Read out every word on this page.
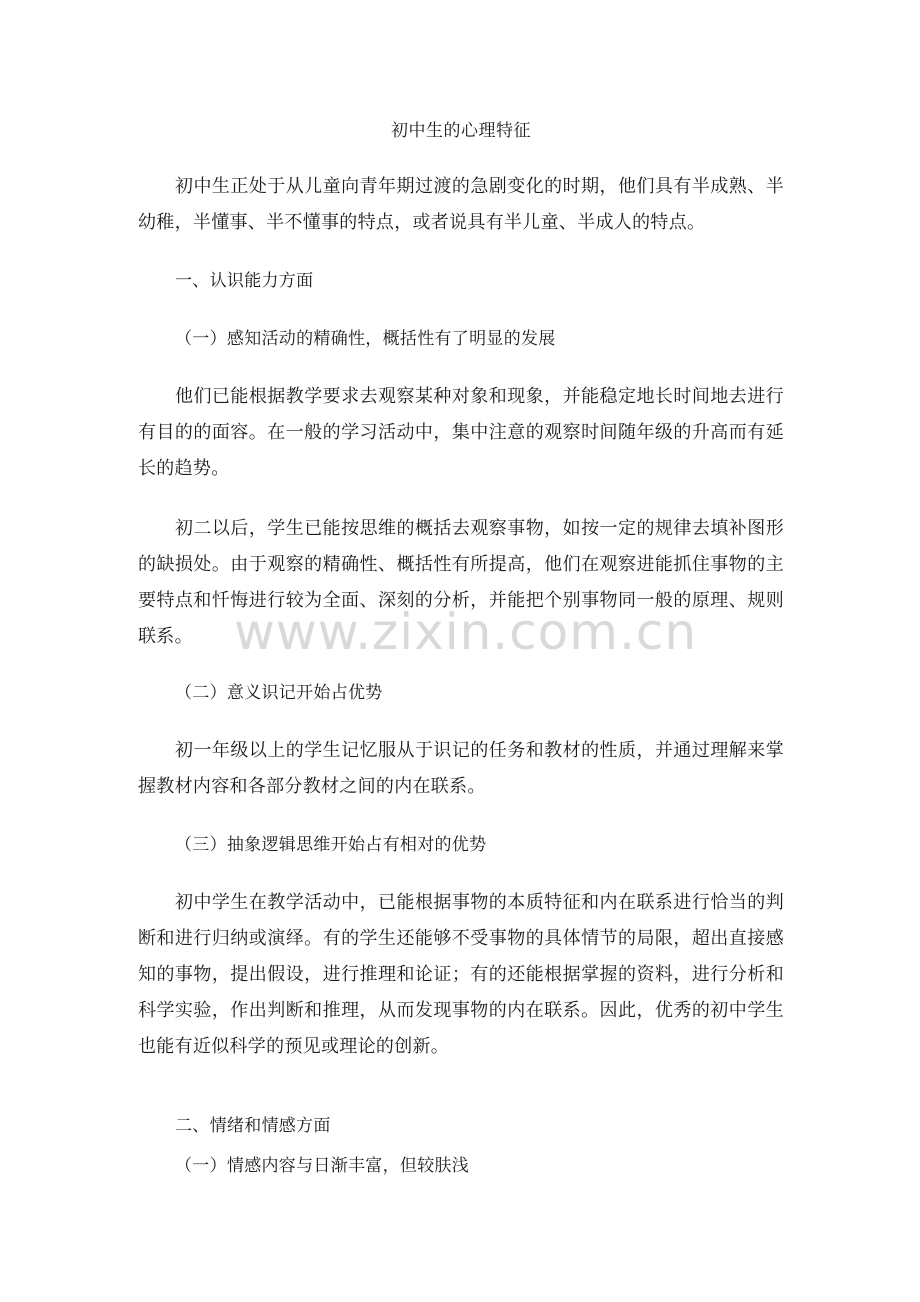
www.zixin.com.cn
初中生的心理特征

初中生正处于从儿童向青年期过渡的急剧变化的时期，他们具有半成熟、半幼稚，半懂事、半不懂事的特点，或者说具有半儿童、半成人的特点。

一、认识能力方面

（一）感知活动的精确性，概括性有了明显的发展

他们已能根据教学要求去观察某种对象和现象，并能稳定地长时间地去进行有目的的面容。在一般的学习活动中，集中注意的观察时间随年级的升高而有延长的趋势。

初二以后，学生已能按思维的概括去观察事物，如按一定的规律去填补图形的缺损处。由于观察的精确性、概括性有所提高，他们在观察进能抓住事物的主要特点和忏悔进行较为全面、深刻的分析，并能把个别事物同一般的原理、规则联系。

（二）意义识记开始占优势

初一年级以上的学生记忆服从于识记的任务和教材的性质，并通过理解来掌握教材内容和各部分教材之间的内在联系。

（三）抽象逻辑思维开始占有相对的优势

初中学生在教学活动中，已能根据事物的本质特征和内在联系进行恰当的判断和进行归纳或演绎。有的学生还能够不受事物的具体情节的局限，超出直接感知的事物，提出假设，进行推理和论证；有的还能根据掌握的资料，进行分析和科学实验，作出判断和推理，从而发现事物的内在联系。因此，优秀的初中学生也能有近似科学的预见或理论的创新。

二、情绪和情感方面

（一）情感内容与日渐丰富，但较肤浅
